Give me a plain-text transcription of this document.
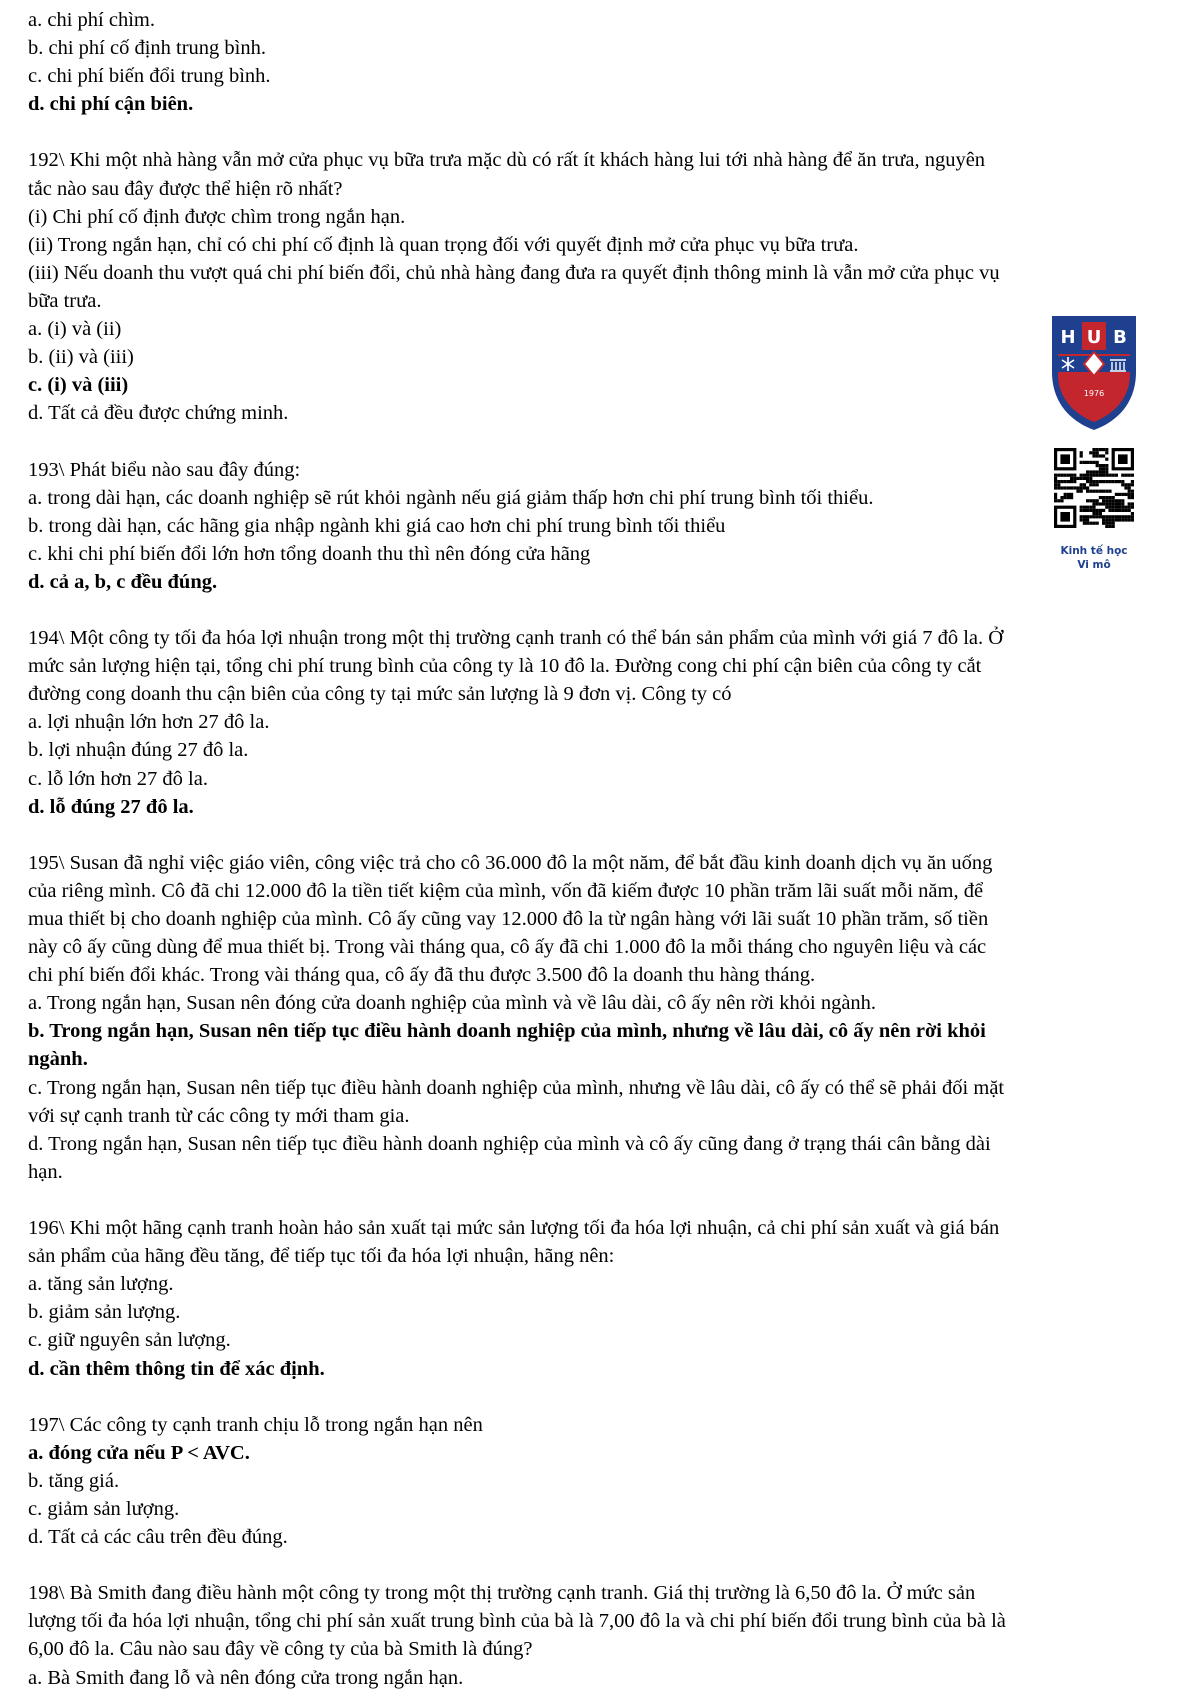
a. chi phí chìm.

b. chi phí cố định trung bình.

c. chi phí biến đổi trung bình.

d. chi phí cận biên.

192\ Khi một nhà hàng vẫn mở cửa phục vụ bữa trưa mặc dù có rất ít khách hàng lui tới nhà hàng để ăn trưa, nguyên

tắc nào sau đây được thể hiện rõ nhất?

(i) Chi phí cố định được chìm trong ngắn hạn.

(ii) Trong ngắn hạn, chỉ có chi phí cố định là quan trọng đối với quyết định mở cửa phục vụ bữa trưa.

(iii) Nếu doanh thu vượt quá chi phí biến đổi, chủ nhà hàng đang đưa ra quyết định thông minh là vẫn mở cửa phục vụ

bữa trưa.

a. (i) và (ii)

b. (ii) và (iii)

c. (i) và (iii)

d. Tất cả đều được chứng minh.

193\ Phát biểu nào sau đây đúng:

a. trong dài hạn, các doanh nghiệp sẽ rút khỏi ngành nếu giá giảm thấp hơn chi phí trung bình tối thiểu.

b. trong dài hạn, các hãng gia nhập ngành khi giá cao hơn chi phí trung bình tối thiểu

c. khi chi phí biến đổi lớn hơn tổng doanh thu thì nên đóng cửa hãng

d. cả a, b, c đều đúng.

194\ Một công ty tối đa hóa lợi nhuận trong một thị trường cạnh tranh có thể bán sản phẩm của mình với giá 7 đô la. Ở

mức sản lượng hiện tại, tổng chi phí trung bình của công ty là 10 đô la. Đường cong chi phí cận biên của công ty cắt

đường cong doanh thu cận biên của công ty tại mức sản lượng là 9 đơn vị. Công ty có

a. lợi nhuận lớn hơn 27 đô la.

b. lợi nhuận đúng 27 đô la.

c. lỗ lớn hơn 27 đô la.

d. lỗ đúng 27 đô la.

195\ Susan đã nghỉ việc giáo viên, công việc trả cho cô 36.000 đô la một năm, để bắt đầu kinh doanh dịch vụ ăn uống

của riêng mình. Cô đã chi 12.000 đô la tiền tiết kiệm của mình, vốn đã kiếm được 10 phần trăm lãi suất mỗi năm, để

mua thiết bị cho doanh nghiệp của mình. Cô ấy cũng vay 12.000 đô la từ ngân hàng với lãi suất 10 phần trăm, số tiền

này cô ấy cũng dùng để mua thiết bị. Trong vài tháng qua, cô ấy đã chi 1.000 đô la mỗi tháng cho nguyên liệu và các

chi phí biến đổi khác. Trong vài tháng qua, cô ấy đã thu được 3.500 đô la doanh thu hàng tháng.

a. Trong ngắn hạn, Susan nên đóng cửa doanh nghiệp của mình và về lâu dài, cô ấy nên rời khỏi ngành.

b. Trong ngắn hạn, Susan nên tiếp tục điều hành doanh nghiệp của mình, nhưng về lâu dài, cô ấy nên rời khỏi

ngành.

c. Trong ngắn hạn, Susan nên tiếp tục điều hành doanh nghiệp của mình, nhưng về lâu dài, cô ấy có thể sẽ phải đối mặt

với sự cạnh tranh từ các công ty mới tham gia.

d. Trong ngắn hạn, Susan nên tiếp tục điều hành doanh nghiệp của mình và cô ấy cũng đang ở trạng thái cân bằng dài

hạn.

196\ Khi một hãng cạnh tranh hoàn hảo sản xuất tại mức sản lượng tối đa hóa lợi nhuận, cả chi phí sản xuất và giá bán

sản phẩm của hãng đều tăng, để tiếp tục tối đa hóa lợi nhuận, hãng nên:

a. tăng sản lượng.

b. giảm sản lượng.

c. giữ nguyên sản lượng.

d. cần thêm thông tin để xác định.

197\ Các công ty cạnh tranh chịu lỗ trong ngắn hạn nên

a. đóng cửa nếu P < AVC.

b. tăng giá.

c. giảm sản lượng.

d. Tất cả các câu trên đều đúng.

198\ Bà Smith đang điều hành một công ty trong một thị trường cạnh tranh. Giá thị trường là 6,50 đô la. Ở mức sản

lượng tối đa hóa lợi nhuận, tổng chi phí sản xuất trung bình của bà là 7,00 đô la và chi phí biến đổi trung bình của bà là

6,00 đô la. Câu nào sau đây về công ty của bà Smith là đúng?

a. Bà Smith đang lỗ và nên đóng cửa trong ngắn hạn.

H U B
1976
Kinh tế học
Vi mô
